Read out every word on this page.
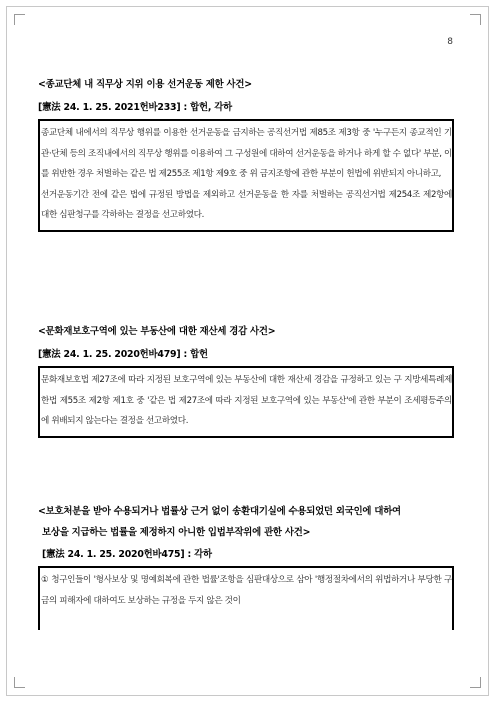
8
<종교단체 내 직무상 지위 이용 선거운동 제한 사건>
[憲法 24. 1. 25. 2021헌바233] : 합헌, 각하

종교단체 내에서의 직무상 행위를 이용한 선거운동을 금지하는 공직선거법 제85조 제3항 중 '누구든지 종교적인 기관·단체 등의 조직내에서의 직무상 행위를 이용하여 그 구성원에 대하여 선거운동을 하거나 하게 할 수 없다' 부분, 이를 위반한 경우 처벌하는 같은 법 제255조 제1항 제9호 중 위 금지조항에 관한 부분이 헌법에 위반되지 아니하고,

선거운동기간 전에 같은 법에 규정된 방법을 제외하고 선거운동을 한 자를 처벌하는 공직선거법 제254조 제2항에 대한 심판청구를 각하하는 결정을 선고하였다.

<문화재보호구역에 있는 부동산에 대한 재산세 경감 사건>
[憲法 24. 1. 25. 2020헌바479] : 합헌

문화재보호법 제27조에 따라 지정된 보호구역에 있는 부동산에 대한 재산세 경감을 규정하고 있는 구 지방세특례제한법 제55조 제2항 제1호 중 '같은 법 제27조에 따라 지정된 보호구역에 있는 부동산'에 관한 부분이 조세평등주의에 위배되지 않는다는 결정을 선고하였다.

<보호처분을 받아 수용되거나 법률상 근거 없이 송환대기실에 수용되었던 외국인에 대하여
보상을 지급하는 법률을 제정하지 아니한 입법부작위에 관한 사건>
[憲法 24. 1. 25. 2020헌바475] : 각하

① 청구인들이 '형사보상 및 명예회복에 관한 법률'조항을 심판대상으로 삼아 '행정절차에서의 위법하거나 부당한 구금의 피해자에 대하여도 보상하는 규정을 두지 않은 것이
